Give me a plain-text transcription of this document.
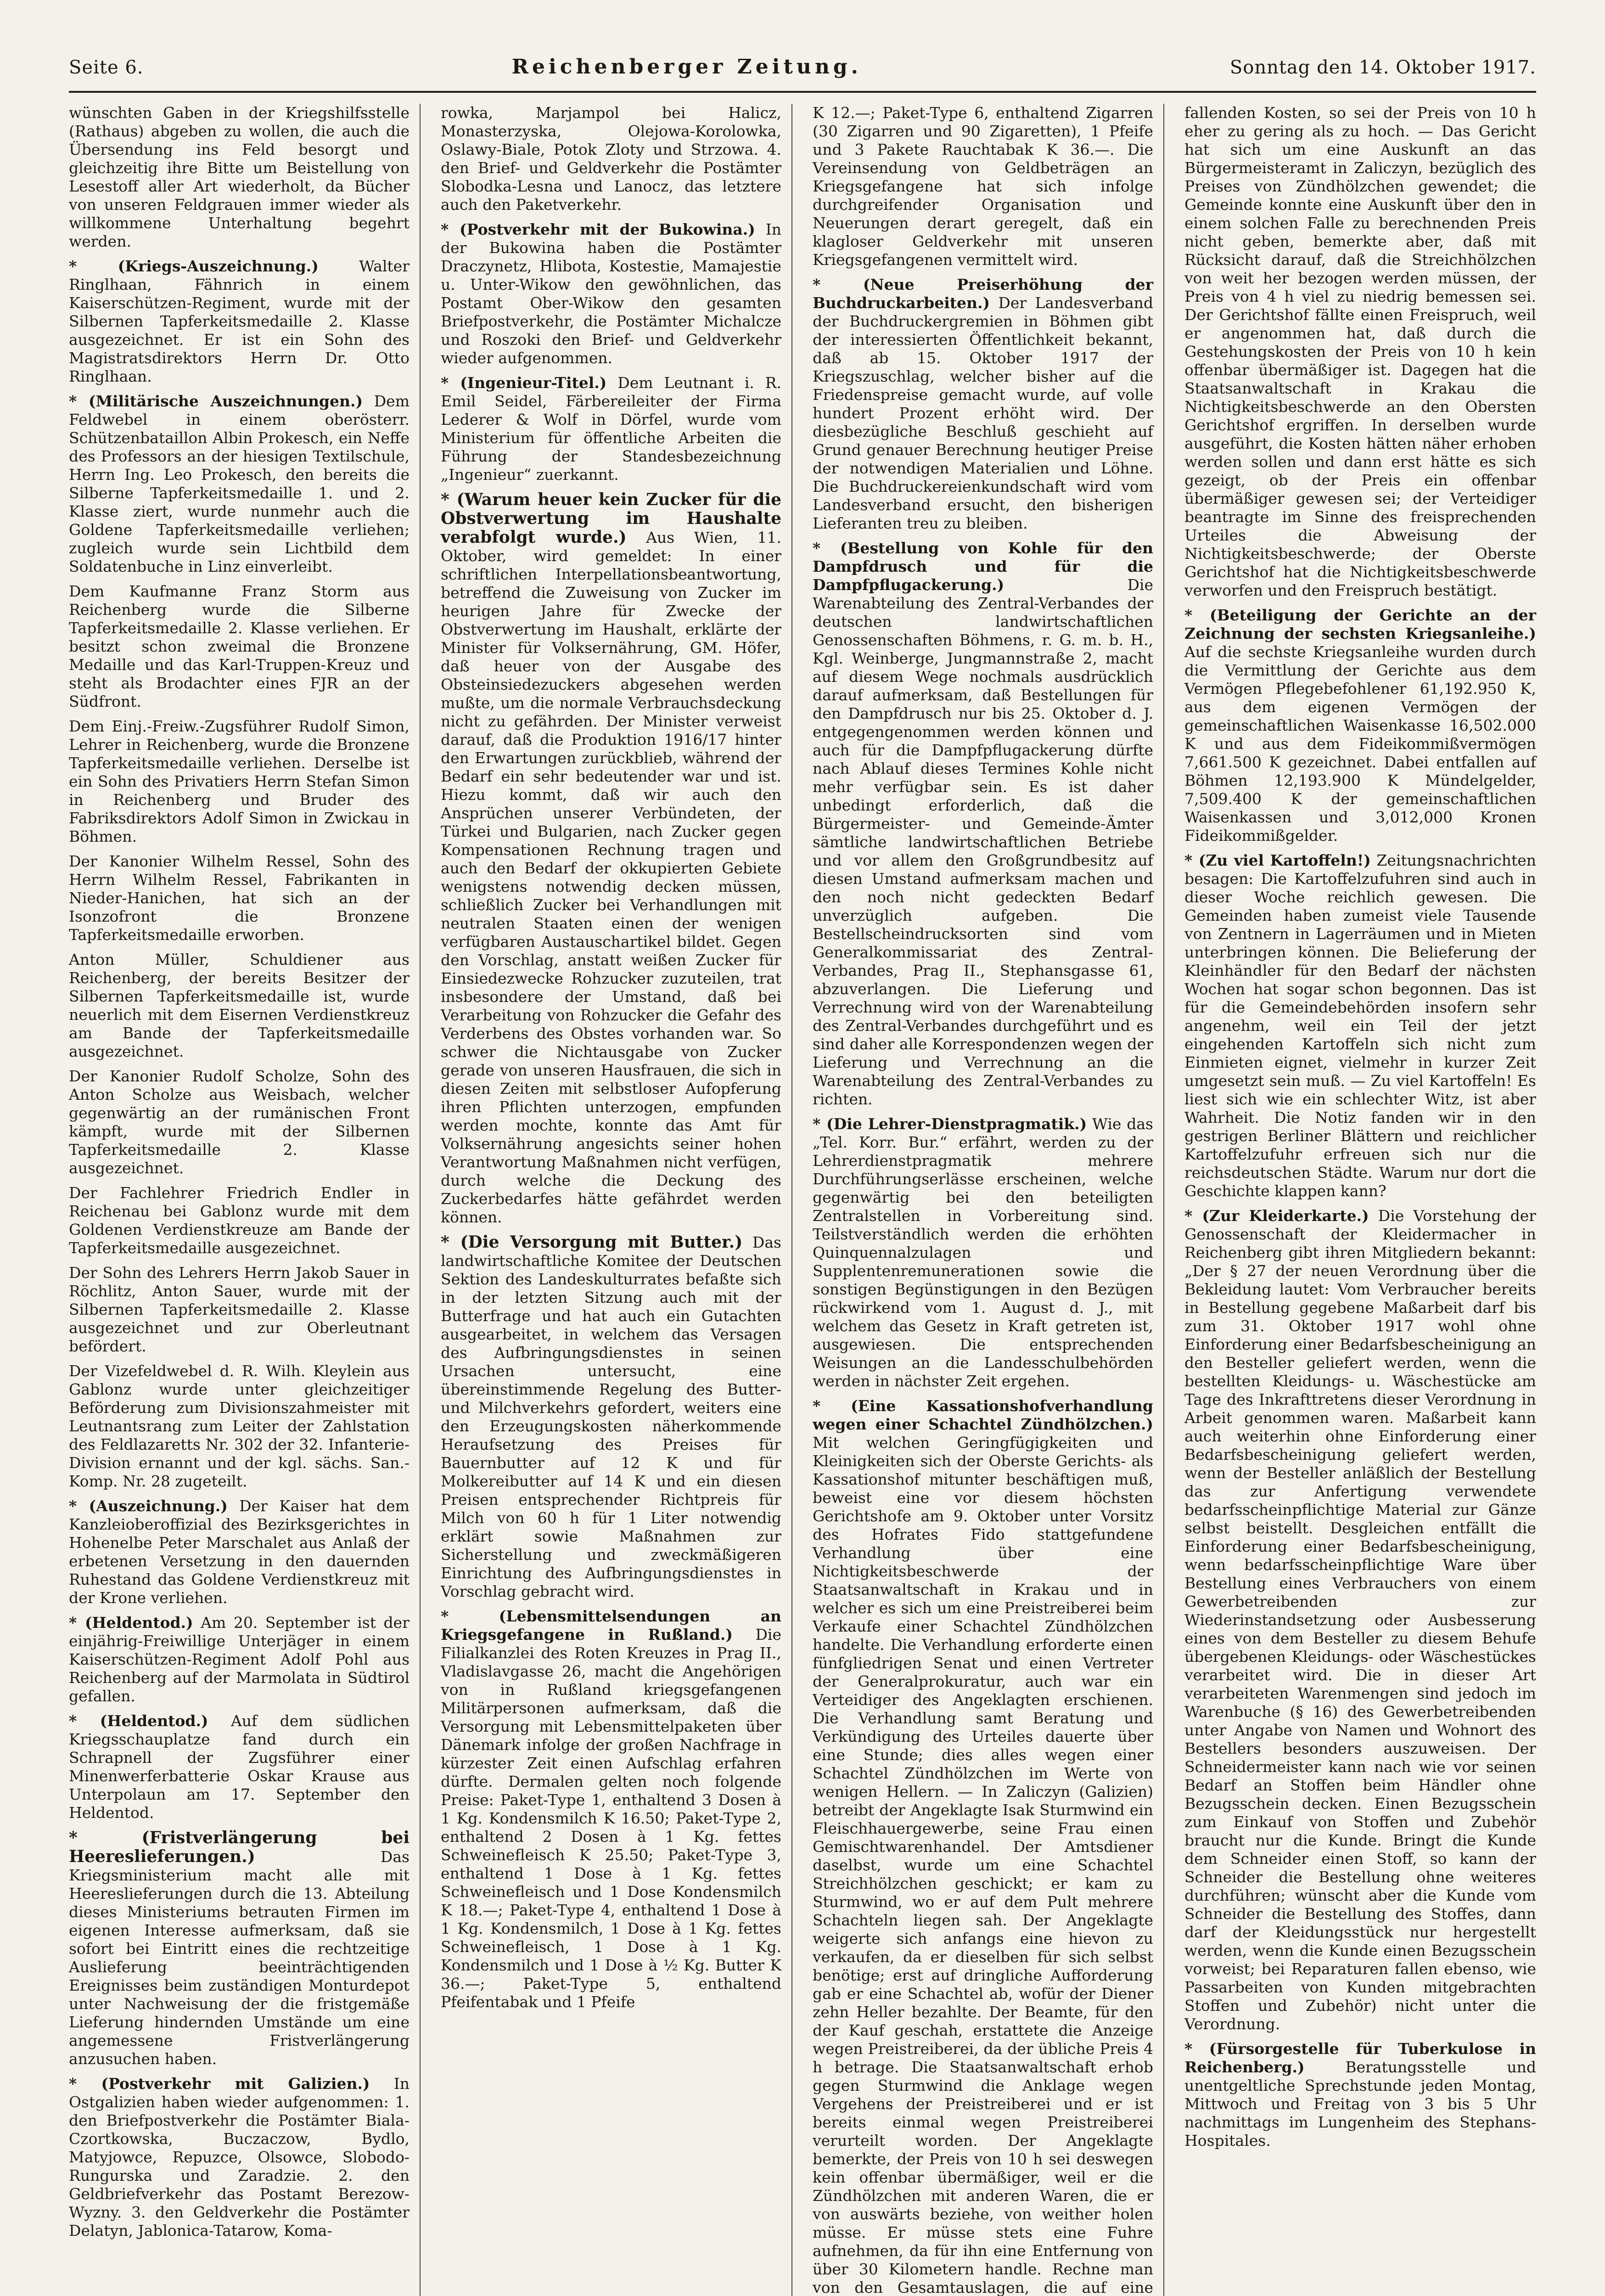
Seite 6.	Reichenberger Zeitung.	Sonntag den 14. Oktober 1917.

wünschten Gaben in der Kriegshilfsstelle (Rathaus) abgeben zu wollen, die auch die Übersendung ins Feld besorgt und gleichzeitig ihre Bitte um Beistellung von Lesestoff aller Art wiederholt, da Bücher von unseren Feldgrauen immer wieder als willkommene Unterhaltung begehrt werden.

* (Kriegs-Auszeichnung.)	Walter Ringlhaan, Fähnrich in einem Kaiserschützen-Regiment, wurde mit der Silbernen Tapferkeitsmedaille 2. Klasse ausgezeichnet. Er ist ein Sohn des Magistratsdirektors Herrn Dr. Otto Ringlhaan.

* (Militärische Auszeichnungen.) Dem Feldwebel in einem oberösterr. Schützenbataillon Albin Prokesch, ein Neffe des Professors an der hiesigen Textilschule, Herrn Ing. Leo Prokesch, den bereits die Silberne Tapferkeitsmedaille 1. und 2. Klasse ziert, wurde nunmehr auch die Goldene Tapferkeitsmedaille verliehen; zugleich wurde sein Lichtbild dem Soldatenbuche in Linz einverleibt.

Dem Kaufmanne Franz Storm aus Reichenberg wurde die Silberne Tapferkeitsmedaille 2. Klasse verliehen. Er besitzt schon zweimal die Bronzene Medaille und das Karl-Truppen-Kreuz und steht als Brodachter eines FJR an der Südfront.

Dem Einj.-Freiw.-Zugsführer Rudolf Simon, Lehrer in Reichenberg, wurde die Bronzene Tapferkeitsmedaille verliehen. Derselbe ist ein Sohn des Privatiers Herrn Stefan Simon in Reichenberg und Bruder des Fabriksdirektors Adolf Simon in Zwickau in Böhmen.

Der Kanonier Wilhelm Ressel, Sohn des Herrn Wilhelm Ressel, Fabrikanten in Nieder-Hanichen, hat sich an der Isonzofront die Bronzene Tapferkeitsmedaille erworben.

Anton Müller, Schuldiener aus Reichenberg, der bereits Besitzer der Silbernen Tapferkeitsmedaille ist, wurde neuerlich mit dem Eisernen Verdienstkreuz am Bande der Tapferkeitsmedaille ausgezeichnet.

Der Kanonier Rudolf Scholze, Sohn des Anton Scholze aus Weisbach, welcher gegenwärtig an der rumänischen Front kämpft, wurde mit der Silbernen Tapferkeitsmedaille 2. Klasse ausgezeichnet.

Der Fachlehrer Friedrich Endler in Reichenau bei Gablonz wurde mit dem Goldenen Verdienstkreuze am Bande der Tapferkeitsmedaille ausgezeichnet.

Der Sohn des Lehrers Herrn Jakob Sauer in Röchlitz, Anton Sauer, wurde mit der Silbernen Tapferkeitsmedaille 2. Klasse ausgezeichnet und zur Oberleutnant befördert.

Der Vizefeldwebel d. R. Wilh. Kleylein aus Gablonz wurde unter gleichzeitiger Beförderung zum Divisionszahmeister mit Leutnantsrang zum Leiter der Zahlstation des Feldlazaretts Nr. 302 der 32. Infanterie-Division ernannt und der kgl. sächs. San.-Komp. Nr. 28 zugeteilt.

* (Auszeichnung.) Der Kaiser hat dem Kanzleioberoffizial des Bezirksgerichtes in Hohenelbe Peter Marschalet aus Anlaß der erbetenen Versetzung in den dauernden Ruhestand das Goldene Verdienstkreuz mit der Krone verliehen.

* (Heldentod.) Am 20. September ist der einjährig-Freiwillige Unterjäger in einem Kaiserschützen-Regiment Adolf Pohl aus Reichenberg auf der Marmolata in Südtirol gefallen.

* (Heldentod.) Auf dem südlichen Kriegsschauplatze fand durch ein Schrapnell der Zugsführer einer Minenwerferbatterie Oskar Krause aus Unterpolaun am 17. September den Heldentod.

* (Fristverlängerung bei Heereslieferungen.)	Das Kriegsministerium macht alle mit Heereslieferungen durch die 13. Abteilung dieses Ministeriums betrauten Firmen im eigenen Interesse aufmerksam, daß sie sofort bei Eintritt eines die rechtzeitige Auslieferung beeinträchtigenden Ereignisses beim zuständigen Monturdepot unter Nachweisung der die fristgemäße Lieferung hindernden Umstände um eine angemessene Fristverlängerung anzusuchen haben.

* (Postverkehr mit Galizien.) In Ostgalizien haben wieder aufgenommen: 1. den Briefpostverkehr die Postämter Biala-Czortkowska, Buczaczow, Bydlo, Matyjowce, Repuzce, Olsowce, Slobodo-Rungurska und Zaradzie. 2. den Geldbriefverkehr das Postamt Berezow-Wyzny. 3. den Geldverkehr die Postämter Delatyn, Jablonica-Tatarow, Koma-

rowka, Marjampol bei Halicz, Monasterzyska, Olejowa-Korolowka, Oslawy-Biale, Potok Zloty und Strzowa. 4. den Brief- und Geldverkehr die Postämter Slobodka-Lesna und Lanocz, das letztere auch den Paketverkehr.

* (Postverkehr mit der Bukowina.) In der Bukowina haben die Postämter Draczynetz, Hlibota, Kostestie, Mamajestie u. Unter-Wikow den gewöhnlichen, das Postamt Ober-Wikow den gesamten Briefpostverkehr, die Postämter Michalcze und Roszoki den Brief- und Geldverkehr wieder aufgenommen.

* (Ingenieur-Titel.) Dem Leutnant i. R. Emil Seidel, Färbereileiter der Firma Lederer & Wolf in Dörfel, wurde vom Ministerium für öffentliche Arbeiten die Führung der Standesbezeichnung „Ingenieur“ zuerkannt.

* (Warum heuer kein Zucker für die Obstverwertung im Haushalte verabfolgt wurde.) Aus Wien, 11. Oktober, wird gemeldet: In einer schriftlichen Interpellationsbeantwortung, betreffend die Zuweisung von Zucker im heurigen Jahre für Zwecke der Obstverwertung im Haushalt, erklärte der Minister für Volksernährung, GM. Höfer, daß heuer von der Ausgabe des Obsteinsiedezuckers abgesehen werden mußte, um die normale Verbrauchsdeckung nicht zu gefährden. Der Minister verweist darauf, daß die Produktion 1916/17 hinter den Erwartungen zurückblieb, während der Bedarf ein sehr bedeutender war und ist. Hiezu kommt, daß wir auch den Ansprüchen unserer Verbündeten, der Türkei und Bulgarien, nach Zucker gegen Kompensationen Rechnung tragen und auch den Bedarf der okkupierten Gebiete wenigstens notwendig decken müssen, schließlich Zucker bei Verhandlungen mit neutralen Staaten einen der wenigen verfügbaren Austauschartikel bildet. Gegen den Vorschlag, anstatt weißen Zucker für Einsiedezwecke Rohzucker zuzuteilen, trat insbesondere der Umstand, daß bei Verarbeitung von Rohzucker die Gefahr des Verderbens des Obstes vorhanden war. So schwer die Nichtausgabe von Zucker gerade von unseren Hausfrauen, die sich in diesen Zeiten mit selbstloser Aufopferung ihren Pflichten unterzogen, empfunden werden mochte, konnte das Amt für Volksernährung angesichts seiner hohen Verantwortung Maßnahmen nicht verfügen, durch welche die Deckung des Zuckerbedarfes hätte gefährdet werden können.

* (Die Versorgung mit Butter.) Das landwirtschaftliche Komitee der Deutschen Sektion des Landeskulturrates befaßte sich in der letzten Sitzung auch mit der Butterfrage und hat auch ein Gutachten ausgearbeitet, in welchem das Versagen des Aufbringungsdienstes in seinen Ursachen untersucht, eine übereinstimmende Regelung des Butter- und Milchverkehrs gefordert, weiters eine den Erzeugungskosten näherkommende Heraufsetzung des Preises für Bauernbutter auf 12 K und für Molkereibutter auf 14 K und ein diesen Preisen entsprechender Richtpreis für Milch von 60 h für 1 Liter notwendig erklärt sowie Maßnahmen zur Sicherstellung und zweckmäßigeren Einrichtung des Aufbringungsdienstes in Vorschlag gebracht wird.

* (Lebensmittelsendungen an Kriegsgefangene in Rußland.) Die Filialkanzlei des Roten Kreuzes in Prag II., Vladislavgasse 26, macht die Angehörigen von in Rußland kriegsgefangenen Militärpersonen aufmerksam, daß die Versorgung mit Lebensmittelpaketen über Dänemark infolge der großen Nachfrage in kürzester Zeit einen Aufschlag erfahren dürfte. Dermalen gelten noch folgende Preise: Paket-Type 1, enthaltend 3 Dosen à 1 Kg. Kondensmilch K 16.50; Paket-Type 2, enthaltend 2 Dosen à 1 Kg. fettes Schweinefleisch K 25.50; Paket-Type 3, enthaltend 1 Dose à 1 Kg. fettes Schweinefleisch und 1 Dose Kondensmilch K 18.—; Paket-Type 4, enthaltend 1 Dose à 1 Kg. Kondensmilch, 1 Dose à 1 Kg. fettes Schweinefleisch, 1 Dose à 1 Kg. Kondensmilch und 1 Dose à ½ Kg. Butter K 36.—; Paket-Type 5, enthaltend Pfeifentabak und 1 Pfeife

K 12.—; Paket-Type 6, enthaltend Zigarren (30 Zigarren und 90 Zigaretten), 1 Pfeife und 3 Pakete Rauchtabak K 36.—. Die Vereinsendung von Geldbeträgen an Kriegsgefangene hat sich infolge durchgreifender Organisation und Neuerungen derart geregelt, daß ein klagloser Geldverkehr mit unseren Kriegsgefangenen vermittelt wird.

* (Neue Preiserhöhung der Buchdruckarbeiten.) Der Landesverband der Buchdruckergremien in Böhmen gibt der interessierten Öffentlichkeit bekannt, daß ab 15. Oktober 1917 der Kriegszuschlag, welcher bisher auf die Friedenspreise gemacht wurde, auf volle hundert Prozent erhöht wird. Der diesbezügliche Beschluß geschieht auf Grund genauer Berechnung heutiger Preise der notwendigen Materialien und Löhne. Die Buchdruckereienkundschaft wird vom Landesverband ersucht, den bisherigen Lieferanten treu zu bleiben.

* (Bestellung von Kohle für den Dampfdrusch und für die Dampfpflugackerung.)	Die Warenabteilung des Zentral-Verbandes der deutschen landwirtschaftlichen Genossenschaften Böhmens, r. G. m. b. H., Kgl. Weinberge, Jungmannstraße 2, macht auf diesem Wege nochmals ausdrücklich darauf aufmerksam, daß Bestellungen für den Dampfdrusch nur bis 25. Oktober d. J. entgegengenommen werden können und auch für die Dampfpflugackerung dürfte nach Ablauf dieses Termines Kohle nicht mehr verfügbar sein. Es ist daher unbedingt erforderlich, daß die Bürgermeister- und Gemeinde-Ämter sämtliche landwirtschaftlichen Betriebe und vor allem den Großgrundbesitz auf diesen Umstand aufmerksam machen und den noch nicht gedeckten Bedarf unverzüglich aufgeben. Die Bestellscheindrucksorten sind vom Generalkommissariat des Zentral-Verbandes, Prag II., Stephansgasse 61, abzuverlangen. Die Lieferung und Verrechnung wird von der Warenabteilung des Zentral-Verbandes durchgeführt und es sind daher alle Korrespondenzen wegen der Lieferung und Verrechnung an die Warenabteilung des Zentral-Verbandes zu richten.

* (Die Lehrer-Dienstpragmatik.) Wie das „Tel. Korr. Bur.“ erfährt, werden zu der Lehrerdienstpragmatik mehrere Durchführungserlässe erscheinen, welche gegenwärtig bei den beteiligten Zentralstellen in Vorbereitung sind. Teilstverständlich werden die erhöhten Quinquennalzulagen und Supplentenremunerationen sowie die sonstigen Begünstigungen in den Bezügen rückwirkend vom 1. August d. J., mit welchem das Gesetz in Kraft getreten ist, ausgewiesen. Die entsprechenden Weisungen an die Landesschulbehörden werden in nächster Zeit ergehen.

* (Eine Kassationshofverhandlung wegen einer Schachtel Zündhölzchen.) Mit welchen Geringfügigkeiten und Kleinigkeiten sich der Oberste Gerichts- als Kassationshof mitunter beschäftigen muß, beweist eine vor diesem höchsten Gerichtshofe am 9. Oktober unter Vorsitz des Hofrates Fido stattgefundene Verhandlung über eine Nichtigkeitsbeschwerde der Staatsanwaltschaft in Krakau und in welcher es sich um eine Preistreiberei beim Verkaufe einer Schachtel Zündhölzchen handelte. Die Verhandlung erforderte einen fünfgliedrigen Senat und einen Vertreter der Generalprokuratur, auch war ein Verteidiger des Angeklagten erschienen. Die Verhandlung samt Beratung und Verkündigung des Urteiles dauerte über eine Stunde; dies alles wegen einer Schachtel Zündhölzchen im Werte von wenigen Hellern. — In Zaliczyn (Galizien) betreibt der Angeklagte Isak Sturmwind ein Fleischhauergewerbe, seine Frau einen Gemischtwarenhandel. Der Amtsdiener daselbst, wurde um eine Schachtel Streichhölzchen geschickt; er kam zu Sturmwind, wo er auf dem Pult mehrere Schachteln liegen sah. Der Angeklagte weigerte sich anfangs eine hievon zu verkaufen, da er dieselben für sich selbst benötige; erst auf dringliche Aufforderung gab er eine Schachtel ab, wofür der Diener zehn Heller bezahlte. Der Beamte, für den der Kauf geschah, erstattete die Anzeige wegen Preistreiberei, da der übliche Preis 4 h betrage. Die Staatsanwaltschaft erhob gegen Sturmwind die Anklage wegen Vergehens der Preistreiberei und er ist bereits einmal wegen Preistreiberei verurteilt worden. Der Angeklagte bemerkte, der Preis von 10 h sei deswegen kein offenbar übermäßiger, weil er die Zündhölzchen mit anderen Waren, die er von auswärts beziehe, von weither holen müsse. Er müsse stets eine Fuhre aufnehmen, da für ihn eine Entfernung von über 30 Kilometern handle. Rechne man von den Gesamtauslagen, die auf eine

fallenden Kosten, so sei der Preis von 10 h eher zu gering als zu hoch. — Das Gericht hat sich um eine Auskunft an das Bürgermeisteramt in Zaliczyn, bezüglich des Preises von Zündhölzchen gewendet; die Gemeinde konnte eine Auskunft über den in einem solchen Falle zu berechnenden Preis nicht geben, bemerkte aber, daß mit Rücksicht darauf, daß die Streichhölzchen von weit her bezogen werden müssen, der Preis von 4 h viel zu niedrig bemessen sei. Der Gerichtshof fällte einen Freispruch, weil er angenommen hat, daß durch die Gestehungskosten der Preis von 10 h kein offenbar übermäßiger ist. Dagegen hat die Staatsanwaltschaft in Krakau die Nichtigkeitsbeschwerde an den Obersten Gerichtshof ergriffen. In derselben wurde ausgeführt, die Kosten hätten näher erhoben werden sollen und dann erst hätte es sich gezeigt, ob der Preis ein offenbar übermäßiger gewesen sei; der Verteidiger beantragte im Sinne des freisprechenden Urteiles die Abweisung der Nichtigkeitsbeschwerde; der Oberste Gerichtshof hat die Nichtigkeitsbeschwerde verworfen und den Freispruch bestätigt.

* (Beteiligung der Gerichte an der Zeichnung der sechsten Kriegsanleihe.) Auf die sechste Kriegsanleihe wurden durch die Vermittlung der Gerichte aus dem Vermögen Pflegebefohlener 61,192.950 K, aus dem eigenen Vermögen der gemeinschaftlichen Waisenkasse 16,502.000 K und aus dem Fideikommißvermögen 7,661.500 K gezeichnet. Dabei entfallen auf Böhmen 12,193.900 K Mündelgelder, 7,509.400 K der gemeinschaftlichen Waisenkassen und 3,012,000 Kronen Fideikommißgelder.

* (Zu viel Kartoffeln!) Zeitungsnachrichten besagen: Die Kartoffelzufuhren sind auch in dieser Woche reichlich gewesen. Die Gemeinden haben zumeist viele Tausende von Zentnern in Lagerräumen und in Mieten unterbringen können. Die Belieferung der Kleinhändler für den Bedarf der nächsten Wochen hat sogar schon begonnen. Das ist für die Gemeindebehörden insofern sehr angenehm, weil ein Teil der jetzt eingehenden Kartoffeln sich nicht zum Einmieten eignet, vielmehr in kurzer Zeit umgesetzt sein muß. — Zu viel Kartoffeln! Es liest sich wie ein schlechter Witz, ist aber Wahrheit. Die Notiz fanden wir in den gestrigen Berliner Blättern und reichlicher Kartoffelzufuhr erfreuen sich nur die reichsdeutschen Städte. Warum nur dort die Geschichte klappen kann?

* (Zur Kleiderkarte.) Die Vorstehung der Genossenschaft der Kleidermacher in Reichenberg gibt ihren Mitgliedern bekannt: „Der § 27 der neuen Verordnung über die Bekleidung lautet: Vom Verbraucher bereits in Bestellung gegebene Maßarbeit darf bis zum 31. Oktober 1917 wohl ohne Einforderung einer Bedarfsbescheinigung an den Besteller geliefert werden, wenn die bestellten Kleidungs- u. Wäschestücke am Tage des Inkrafttretens dieser Verordnung in Arbeit genommen waren. Maßarbeit kann auch weiterhin ohne Einforderung einer Bedarfsbescheinigung geliefert werden, wenn der Besteller anläßlich der Bestellung das zur Anfertigung verwendete bedarfsscheinpflichtige Material zur Gänze selbst beistellt. Desgleichen entfällt die Einforderung einer Bedarfsbescheinigung, wenn bedarfsscheinpflichtige Ware über Bestellung eines Verbrauchers von einem Gewerbetreibenden zur Wiederinstandsetzung oder Ausbesserung eines von dem Besteller zu diesem Behufe übergebenen Kleidungs- oder Wäschestückes verarbeitet wird. Die in dieser Art verarbeiteten Warenmengen sind jedoch im Warenbuche (§ 16) des Gewerbetreibenden unter Angabe von Namen und Wohnort des Bestellers besonders auszuweisen. Der Schneidermeister kann nach wie vor seinen Bedarf an Stoffen beim Händler ohne Bezugsschein decken. Einen Bezugsschein zum Einkauf von Stoffen und Zubehör braucht nur die Kunde. Bringt die Kunde dem Schneider einen Stoff, so kann der Schneider die Bestellung ohne weiteres durchführen; wünscht aber die Kunde vom Schneider die Bestellung des Stoffes, dann darf der Kleidungsstück nur hergestellt werden, wenn die Kunde einen Bezugsschein vorweist; bei Reparaturen fallen ebenso, wie Passarbeiten von Kunden mitgebrachten Stoffen und Zubehör) nicht unter die Verordnung.

* (Fürsorgestelle für Tuberkulose in Reichenberg.)	Beratungsstelle und unentgeltliche Sprechstunde jeden Montag, Mittwoch und Freitag von 3 bis 5 Uhr nachmittags im Lungenheim des Stephans-Hospitales.
